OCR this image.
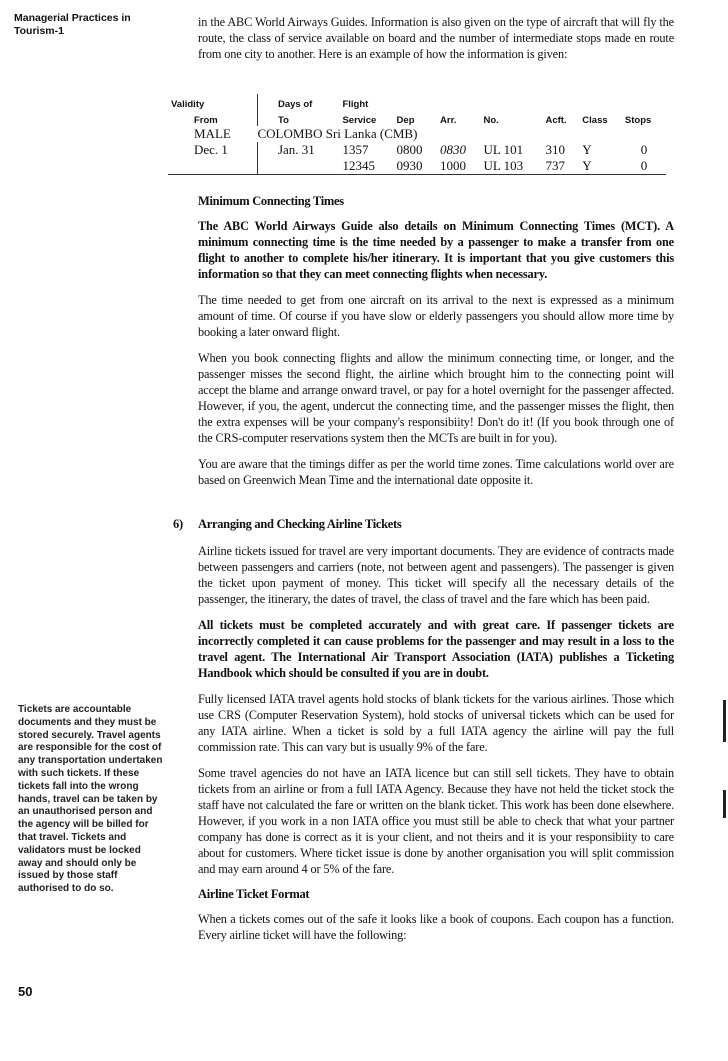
Managerial Practices in
Tourism-1

in the ABC World Airways Guides. Information is also given on the type of aircraft that will fly the route, the class of service available on board and the number of intermediate stops made en route from one city to another. Here is an example of how the information is given:

Validity	Days of	Flight						
From	To	Service	Dep	Arr.	No.	Acft.	Class	Stops
MALE	COLOMBO Sri Lanka (CMB)							
Dec. 1	Jan. 31	1357	0800	0830	UL 101	310	Y	0
		12345	0930	1000	UL 103	737	Y	0
Minimum Connecting Times

The ABC World Airways Guide also details on Minimum Connecting Times (MCT). A minimum connecting time is the time needed by a passenger to make a transfer from one flight to another to complete his/her itinerary. It is important that you give customers this information so that they can meet connecting flights when necessary.

The time needed to get from one aircraft on its arrival to the next is expressed as a minimum amount of time. Of course if you have slow or elderly passengers you should allow more time by booking a later onward flight.

When you book connecting flights and allow the minimum connecting time, or longer, and the passenger misses the second flight, the airline which brought him to the connecting point will accept the blame and arrange onward travel, or pay for a hotel overnight for the passenger affected. However, if you, the agent, undercut the connecting time, and the passenger misses the flight, then the extra expenses will be your company's responsibiity! Don't do it! (If you book through one of the CRS-computer reservations system then the MCTs are built in for you).

You are aware that the timings differ as per the world time zones. Time calculations world over are based on Greenwich Mean Time and the international date opposite it.

6) Arranging and Checking Airline Tickets

Airline tickets issued for travel are very important documents. They are evidence of contracts made between passengers and carriers (note, not between agent and passengers). The passenger is given the ticket upon payment of money. This ticket will specify all the necessary details of the passenger, the itinerary, the dates of travel, the class of travel and the fare which has been paid.

All tickets must be completed accurately and with great care. If passenger tickets are incorrectly completed it can cause problems for the passenger and may result in a loss to the travel agent. The International Air Transport Association (IATA) publishes a Ticketing Handbook which should be consulted if you are in doubt.

Fully licensed IATA travel agents hold stocks of blank tickets for the various airlines. Those which use CRS (Computer Reservation System), hold stocks of universal tickets which can be used for any IATA airline. When a ticket is sold by a full IATA agency the airline will pay the full commission rate. This can vary but is usually 9% of the fare.

Some travel agencies do not have an IATA licence but can still sell tickets. They have to obtain tickets from an airline or from a full IATA Agency. Because they have not held the ticket stock the staff have not calculated the fare or written on the blank ticket. This work has been done elsewhere. However, if you work in a non IATA office you must still be able to check that what your partner company has done is correct as it is your client, and not theirs and it is your responsibiity to care about for customers. Where ticket issue is done by another organisation you will split commission and may earn around 4 or 5% of the fare.

Airline Ticket Format

When a tickets comes out of the safe it looks like a book of coupons. Each coupon has a function. Every airline ticket will have the following:

Tickets are accountable documents and they must be stored securely. Travel agents are responsible for the cost of any transportation undertaken with such tickets. If these tickets fall into the wrong hands, travel can be taken by an unauthorised person and the agency will be billed for that travel. Tickets and validators must be locked away and should only be issued by those staff authorised to do so.
50
